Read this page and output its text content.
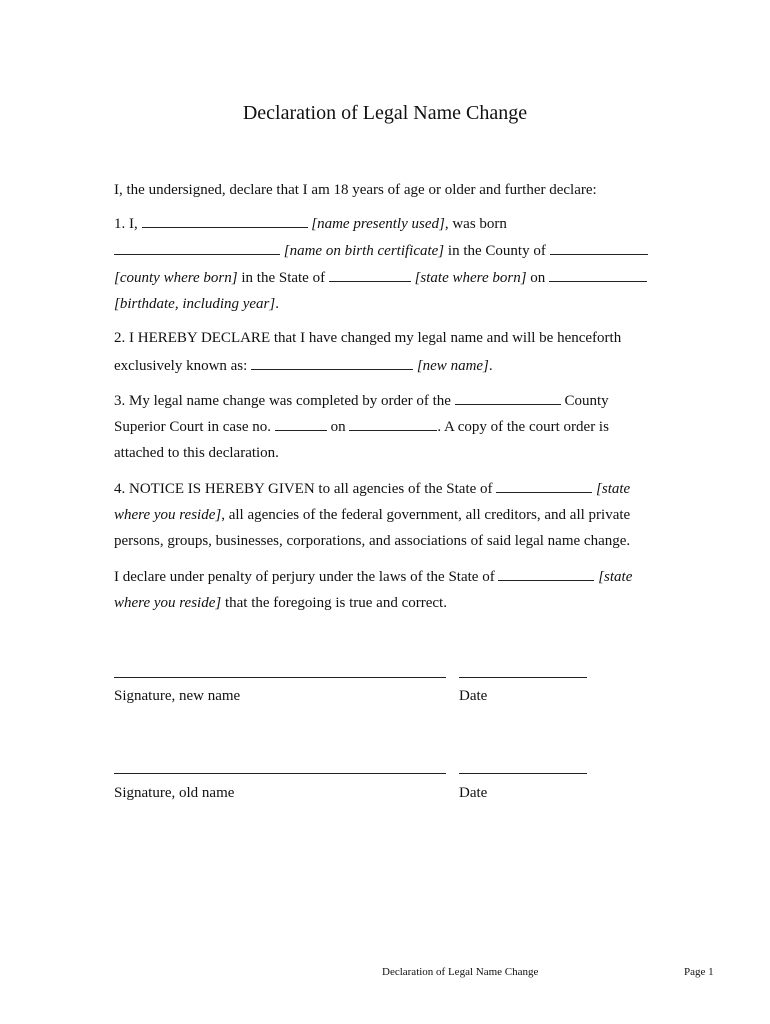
Declaration of Legal Name Change
I, the undersigned, declare that I am 18 years of age or older and further declare:
1. I,	[name presently used], was born
[name on birth certificate] in the County of
[county where born] in the State of	[state where born] on
[birthdate, including year].
2. I HEREBY DECLARE that I have changed my legal name and will be henceforth
exclusively known as:	[new name].
3. My legal name change was completed by order of the	County
Superior Court in case no.	on	. A copy of the court order is
attached to this declaration.
4. NOTICE IS HEREBY GIVEN to all agencies of the State of	[state
where you reside], all agencies of the federal government, all creditors, and all private
persons, groups, businesses, corporations, and associations of said legal name change.
I declare under penalty of perjury under the laws of the State of	[state
where you reside] that the foregoing is true and correct.
Signature, new name	Date
Signature, old name	Date
Declaration of Legal Name Change	Page 1
